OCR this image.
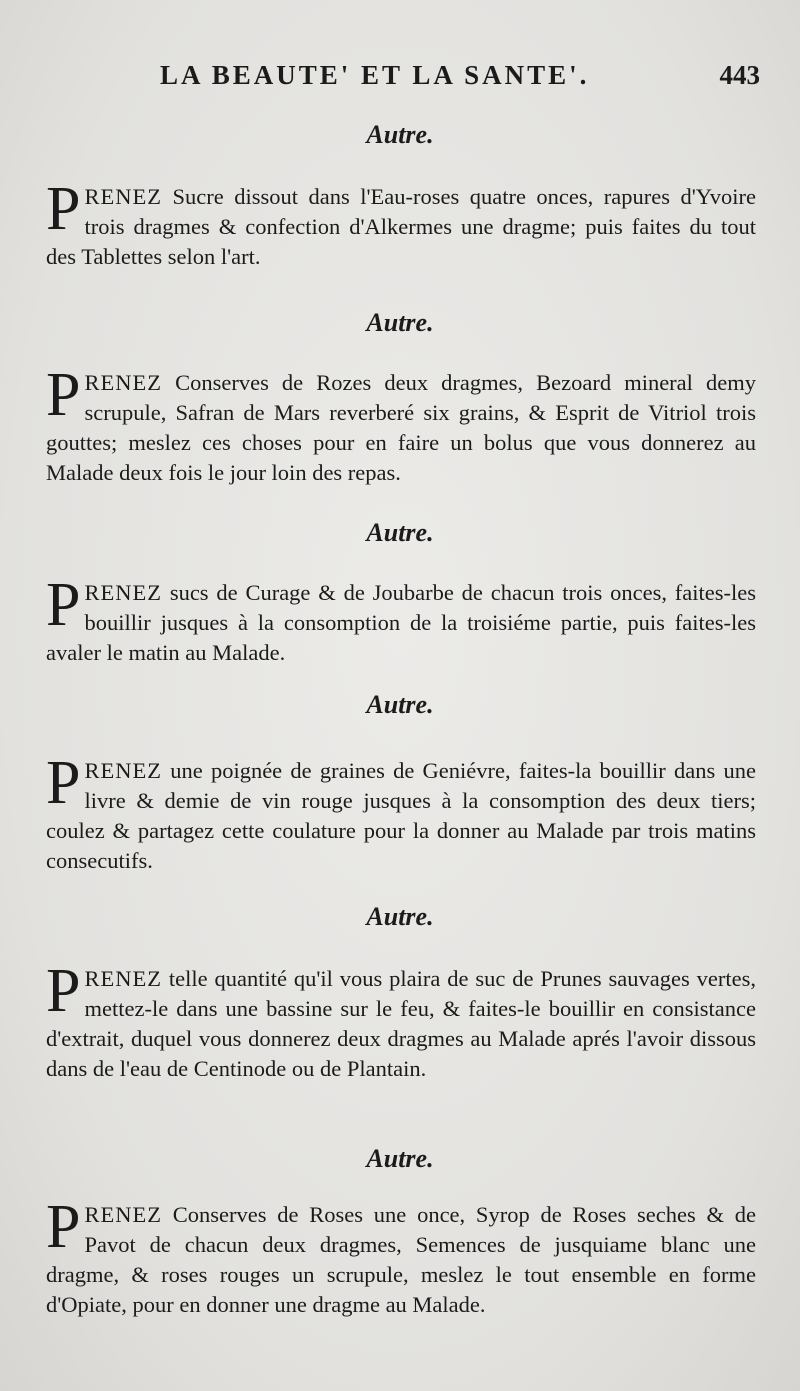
LA BEAUTE' ET LA SANTE'.	443
Autre.
P RENEZ Sucre dissout dans l'Eau-roses quatre onces, rapures d'Yvoire trois dragmes & confection d'Alkermes une dragme; puis faites du tout des Tablettes selon l'art.
Autre.
P RENEZ Conserves de Rozes deux dragmes, Bezoard mineral demy scrupule, Safran de Mars reverberé six grains, & Esprit de Vitriol trois gouttes; meslez ces choses pour en faire un bolus que vous donnerez au Malade deux fois le jour loin des repas.
Autre.
P RENEZ sucs de Curage & de Joubarbe de chacun trois onces, faites-les bouillir jusques à la consomption de la troisiéme partie, puis faites-les avaler le matin au Malade.
Autre.
P RENEZ une poignée de graines de Geniévre, faites-la bouillir dans une livre & demie de vin rouge jusques à la consomption des deux tiers; coulez & partagez cette coulature pour la donner au Malade par trois matins consecutifs.
Autre.
P RENEZ telle quantité qu'il vous plaira de suc de Prunes sauvages vertes, mettez-le dans une bassine sur le feu, & faites-le bouillir en consistance d'extrait, duquel vous donnerez deux dragmes au Malade aprés l'avoir dissous dans de l'eau de Centinode ou de Plantain.
Autre.
P RENEZ Conserves de Roses une once, Syrop de Roses seches & de Pavot de chacun deux dragmes, Semences de jusquiame blanc une dragme, & roses rouges un scrupule, meslez le tout ensemble en forme d'Opiate, pour en donner une dragme au Malade.
